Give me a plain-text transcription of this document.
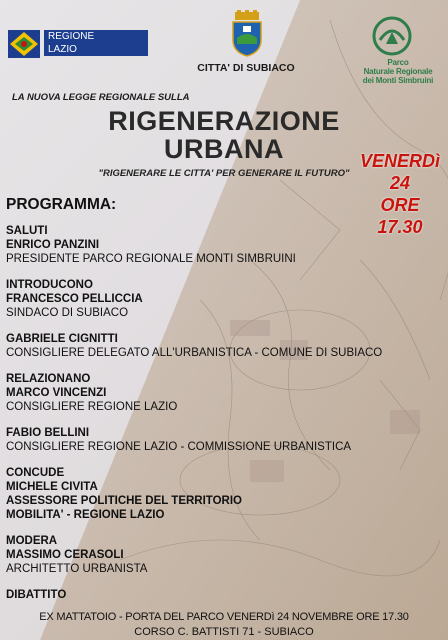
REGIONE
LAZIO
CITTA' DI SUBIACO	Parco
Naturale Regionale
dei Monti Simbruini
LA NUOVA LEGGE REGIONALE SULLA
RIGENERAZIONE
URBANA
"RIGENERARE LE CITTA' PER GENERARE IL FUTURO"
VENERDì
24
ORE
17.30
PROGRAMMA:
SALUTI
ENRICO PANZINI
PRESIDENTE PARCO REGIONALE MONTI SIMBRUINI
INTRODUCONO
FRANCESCO PELLICCIA
SINDACO DI SUBIACO
GABRIELE CIGNITTI
CONSIGLIERE DELEGATO ALL'URBANISTICA - COMUNE DI SUBIACO
RELAZIONANO
MARCO VINCENZI
CONSIGLIERE REGIONE LAZIO
FABIO BELLINI
CONSIGLIERE REGIONE LAZIO - COMMISSIONE URBANISTICA
CONCUDE
MICHELE CIVITA
ASSESSORE POLITICHE DEL TERRITORIO
MOBILITA' - REGIONE LAZIO
MODERA
MASSIMO CERASOLI
ARCHITETTO URBANISTA
DIBATTITO
EX MATTATOIO - PORTA DEL PARCO VENERDì 24 NOVEMBRE ORE 17.30
CORSO C. BATTISTI 71 - SUBIACO
